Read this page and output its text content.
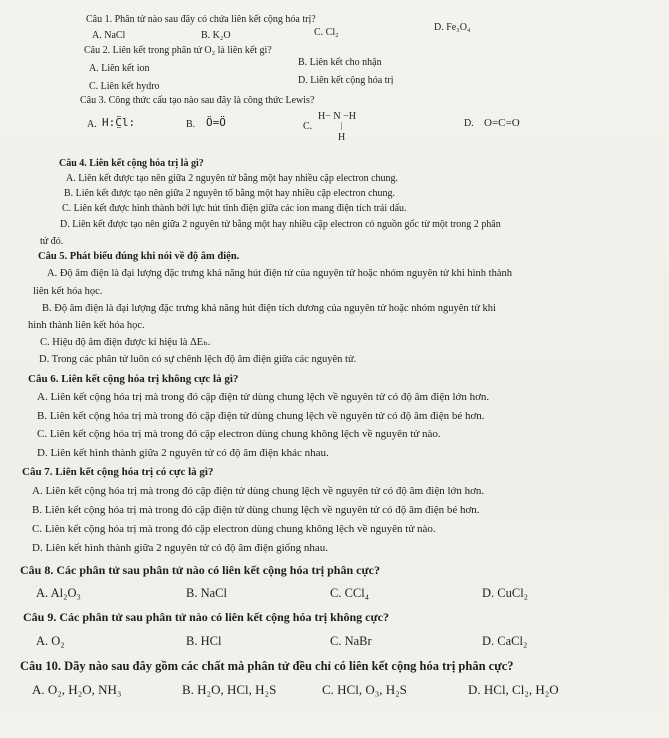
Câu 1. Phân tử nào sau đây có chứa liên kết cộng hóa trị?
A. NaCl	B. K₂O	C. Cl₂	D. Fe₃O₄
Câu 2. Liên kết trong phân tử O₂ là liên kết gì?
A. Liên kết ion
B. Liên kết cho nhận
C. Liên kết hydro
D. Liên kết cộng hóa trị
Câu 3. Công thức cấu tạo nào sau đây là công thức Lewis?
A. H:C̤̈l:	B. Ö=Ö	C.
H− N −H
|
H
D. O=C=O
Câu 4. Liên kết cộng hóa trị là gì?
A. Liên kết được tạo nên giữa 2 nguyên tử bằng một hay nhiều cặp electron chung.
B. Liên kết được tạo nên giữa 2 nguyên tố bằng một hay nhiều cặp electron chung.
C. Liên kết được hình thành bởi lực hút tĩnh điện giữa các ion mang điện tích trái dấu.
D. Liên kết được tạo nên giữa 2 nguyên tử bằng một hay nhiều cặp electron có nguồn gốc từ một trong 2 phân
tử đó.
Câu 5. Phát biểu đúng khi nói về độ âm điện.
A. Độ âm điện là đại lượng đặc trưng khả năng hút điện tử của nguyên tử hoặc nhóm nguyên tử khi hình thành
liên kết hóa học.
B. Độ âm điện là đại lượng đặc trưng khả năng hút điện tích dương của nguyên tử hoặc nhóm nguyên tử khi
hình thành liên kết hóa học.
C. Hiệu độ âm điện được kí hiệu là ΔEₕ.
D. Trong các phân tử luôn có sự chênh lệch độ âm điện giữa các nguyên tử.
Câu 6. Liên kết cộng hóa trị không cực là gì?
A. Liên kết cộng hóa trị mà trong đó cặp điện tử dùng chung lệch về nguyên tử có độ âm điện lớn hơn.
B. Liên kết cộng hóa trị mà trong đó cặp điện tử dùng chung lệch về nguyên tử có độ âm điện bé hơn.
C. Liên kết cộng hóa trị mà trong đó cặp electron dùng chung không lệch về nguyên tử nào.
D. Liên kết hình thành giữa 2 nguyên tử có độ âm điện khác nhau.
Câu 7. Liên kết cộng hóa trị có cực là gì?
A. Liên kết cộng hóa trị mà trong đó cặp điện tử dùng chung lệch về nguyên tử có độ âm điện lớn hơn.
B. Liên kết cộng hóa trị mà trong đó cặp điện tử dùng chung lệch về nguyên tử có độ âm điện bé hơn.
C. Liên kết cộng hóa trị mà trong đó cặp electron dùng chung không lệch về nguyên tử nào.
D. Liên kết hình thành giữa 2 nguyên tử có độ âm điện giống nhau.
Câu 8. Các phân tử sau phân tử nào có liên kết cộng hóa trị phân cực?
A. Al₂O₃	B. NaCl	C. CCl₄	D. CuCl₂
Câu 9. Các phân tử sau phân tử nào có liên kết cộng hóa trị không cực?
A. O₂	B. HCl	C. NaBr	D. CaCl₂
Câu 10. Dãy nào sau đây gồm các chất mà phân tử đều chỉ có liên kết cộng hóa trị phân cực?
A. O₂, H₂O, NH₃	B. H₂O, HCl, H₂S	C. HCl, O₃, H₂S	D. HCl, Cl₂, H₂O
